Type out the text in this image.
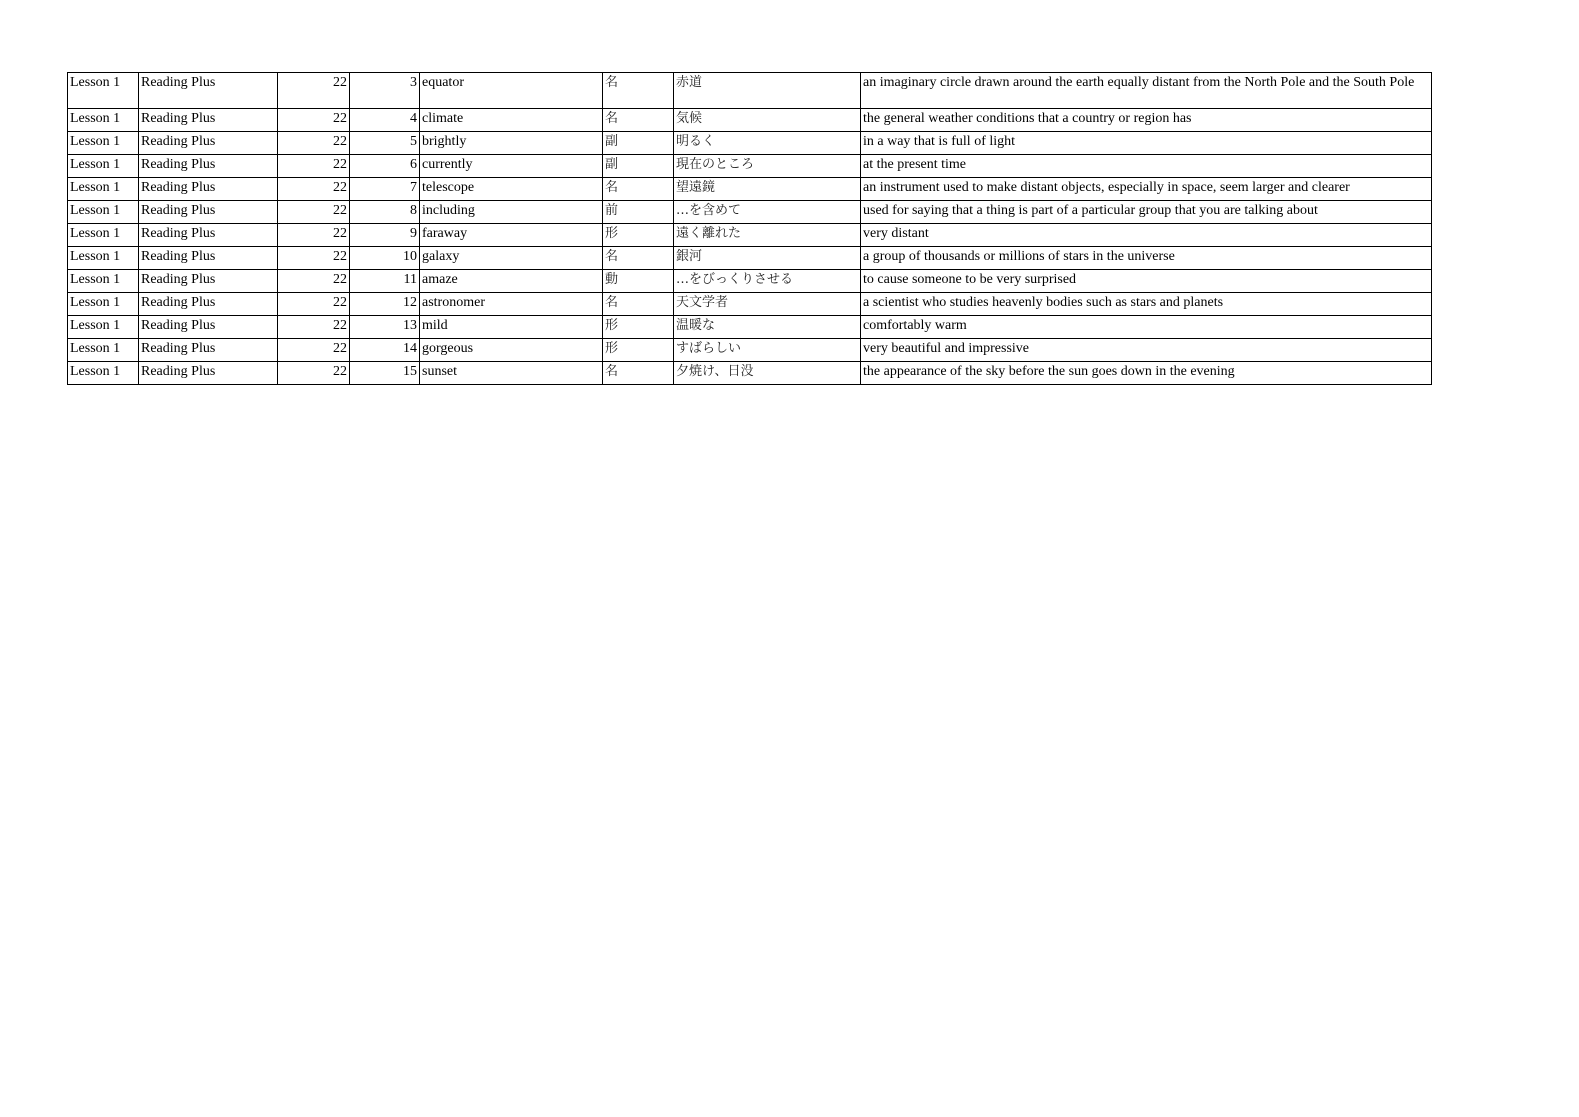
Lesson 1	Reading Plus	22	3	equator	名	赤道	an imaginary circle drawn around the earth equally distant from the North Pole and the South Pole
Lesson 1	Reading Plus	22	4	climate	名	気候	the general weather conditions that a country or region has
Lesson 1	Reading Plus	22	5	brightly	副	明るく	in a way that is full of light
Lesson 1	Reading Plus	22	6	currently	副	現在のところ	at the present time
Lesson 1	Reading Plus	22	7	telescope	名	望遠鏡	an instrument used to make distant objects, especially in space, seem larger and clearer
Lesson 1	Reading Plus	22	8	including	前	…を含めて	used for saying that a thing is part of a particular group that you are talking about
Lesson 1	Reading Plus	22	9	faraway	形	遠く離れた	very distant
Lesson 1	Reading Plus	22	10	galaxy	名	銀河	a group of thousands or millions of stars in the universe
Lesson 1	Reading Plus	22	11	amaze	動	…をびっくりさせる	to cause someone to be very surprised
Lesson 1	Reading Plus	22	12	astronomer	名	天文学者	a scientist who studies heavenly bodies such as stars and planets
Lesson 1	Reading Plus	22	13	mild	形	温暖な	comfortably warm
Lesson 1	Reading Plus	22	14	gorgeous	形	すばらしい	very beautiful and impressive
Lesson 1	Reading Plus	22	15	sunset	名	夕焼け、日没	the appearance of the sky before the sun goes down in the evening
